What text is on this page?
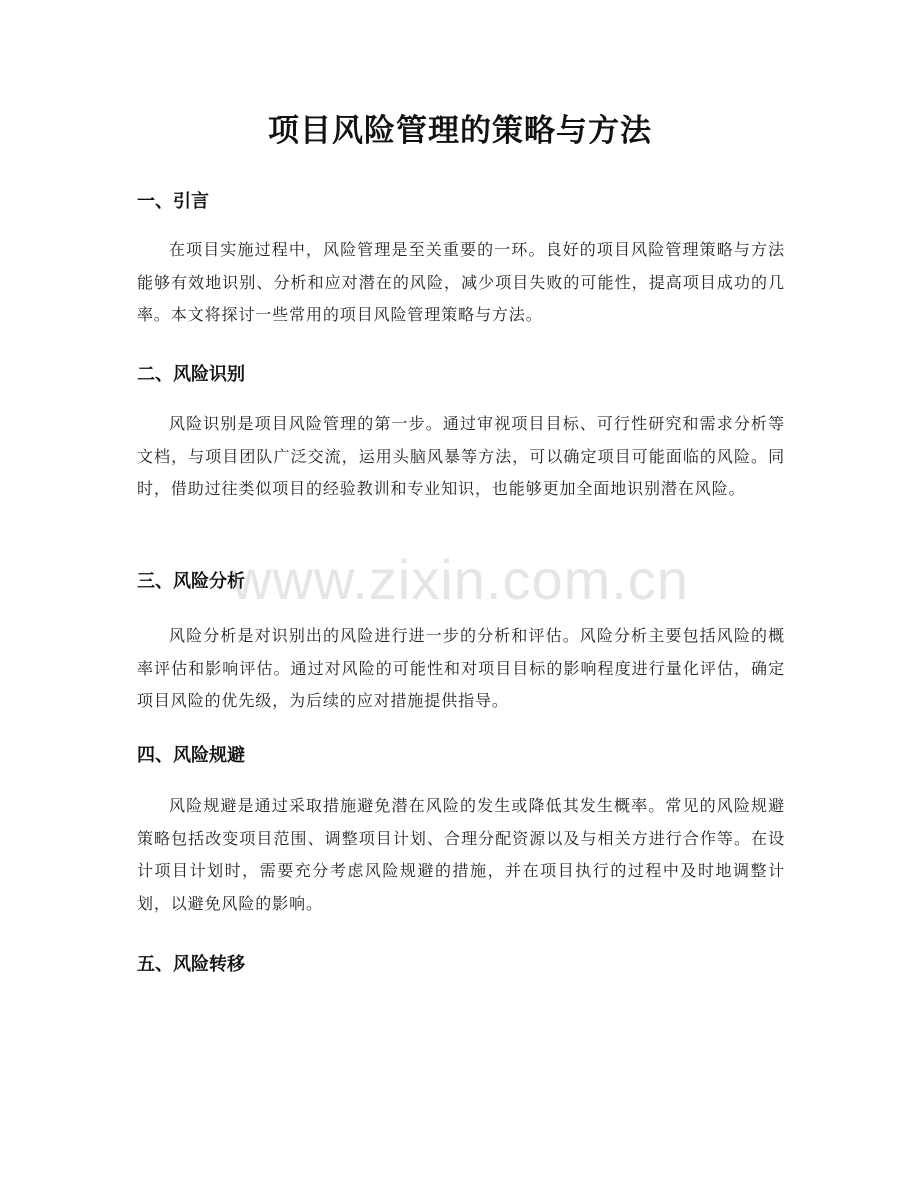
项目风险管理的策略与方法
一、引言

在项目实施过程中，风险管理是至关重要的一环。良好的项目风险管理策略与方法能够有效地识别、分析和应对潜在的风险，减少项目失败的可能性，提高项目成功的几率。本文将探讨一些常用的项目风险管理策略与方法。

二、风险识别

风险识别是项目风险管理的第一步。通过审视项目目标、可行性研究和需求分析等文档，与项目团队广泛交流，运用头脑风暴等方法，可以确定项目可能面临的风险。同时，借助过往类似项目的经验教训和专业知识，也能够更加全面地识别潜在风险。

三、风险分析

风险分析是对识别出的风险进行进一步的分析和评估。风险分析主要包括风险的概率评估和影响评估。通过对风险的可能性和对项目目标的影响程度进行量化评估，确定项目风险的优先级，为后续的应对措施提供指导。

四、风险规避

风险规避是通过采取措施避免潜在风险的发生或降低其发生概率。常见的风险规避策略包括改变项目范围、调整项目计划、合理分配资源以及与相关方进行合作等。在设计项目计划时，需要充分考虑风险规避的措施，并在项目执行的过程中及时地调整计划，以避免风险的影响。

五、风险转移
www.zixin.com.cn
